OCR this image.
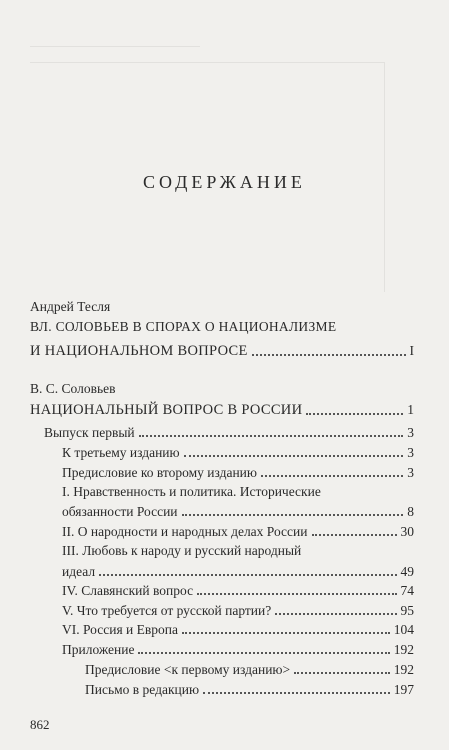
СОДЕРЖАНИЕ
Андрей Тесля
ВЛ. СОЛОВЬЕВ В СПОРАХ О НАЦИОНАЛИЗМЕ
И НАЦИОНАЛЬНОМ ВОПРОСЕ	I
В. С. Соловьев
НАЦИОНАЛЬНЫЙ ВОПРОС В РОССИИ	1
Выпуск первый	3
К третьему изданию	3
Предисловие ко второму изданию	3
I. Нравственность и политика. Исторические
обязанности России	8
II. О народности и народных делах России	30
III. Любовь к народу и русский народный
идеал	49
IV. Славянский вопрос	74
V. Что требуется от русской партии?	95
VI. Россия и Европа	104
Приложение	192
Предисловие <к первому изданию>	192
Письмо в редакцию	197
862
